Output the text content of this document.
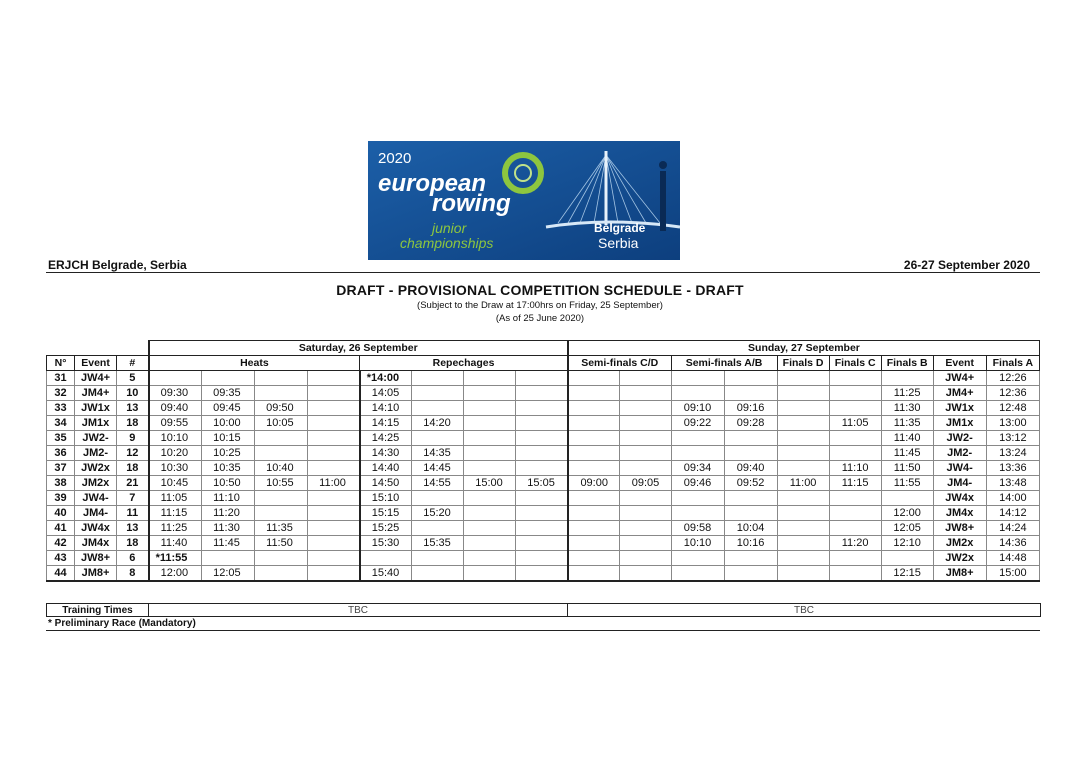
2020
european
rowing
junior
championships
Belgrade
Serbia
ERJCH Belgrade, Serbia	26-27 September 2020
DRAFT - PROVISIONAL COMPETITION SCHEDULE - DRAFT
(Subject to the Draw at 17:00hrs on Friday, 25 September)
(As of 25 June 2020)
			Saturday, 26 September								Sunday, 27 September								
N°	Event	#	Heats				Repechages				Semi-finals C/D		Semi-finals A/B		Finals D	Finals C	Finals B	Event	Finals A
31	JW4+	5					*14:00											JW4+	12:26
32	JM4+	10	09:30	09:35			14:05										11:25	JM4+	12:36
33	JW1x	13	09:40	09:45	09:50		14:10						09:10	09:16			11:30	JW1x	12:48
34	JM1x	18	09:55	10:00	10:05		14:15	14:20					09:22	09:28		11:05	11:35	JM1x	13:00
35	JW2-	9	10:10	10:15			14:25										11:40	JW2-	13:12
36	JM2-	12	10:20	10:25			14:30	14:35									11:45	JM2-	13:24
37	JW2x	18	10:30	10:35	10:40		14:40	14:45					09:34	09:40		11:10	11:50	JW4-	13:36
38	JM2x	21	10:45	10:50	10:55	11:00	14:50	14:55	15:00	15:05	09:00	09:05	09:46	09:52	11:00	11:15	11:55	JM4-	13:48
39	JW4-	7	11:05	11:10			15:10											JW4x	14:00
40	JM4-	11	11:15	11:20			15:15	15:20									12:00	JM4x	14:12
41	JW4x	13	11:25	11:30	11:35		15:25						09:58	10:04			12:05	JW8+	14:24
42	JM4x	18	11:40	11:45	11:50		15:30	15:35					10:10	10:16		11:20	12:10	JM2x	14:36
43	JW8+	6	*11:55															JW2x	14:48
44	JM8+	8	12:00	12:05			15:40										12:15	JM8+	15:00
Training Times	TBC	TBC
* Preliminary Race (Mandatory)
